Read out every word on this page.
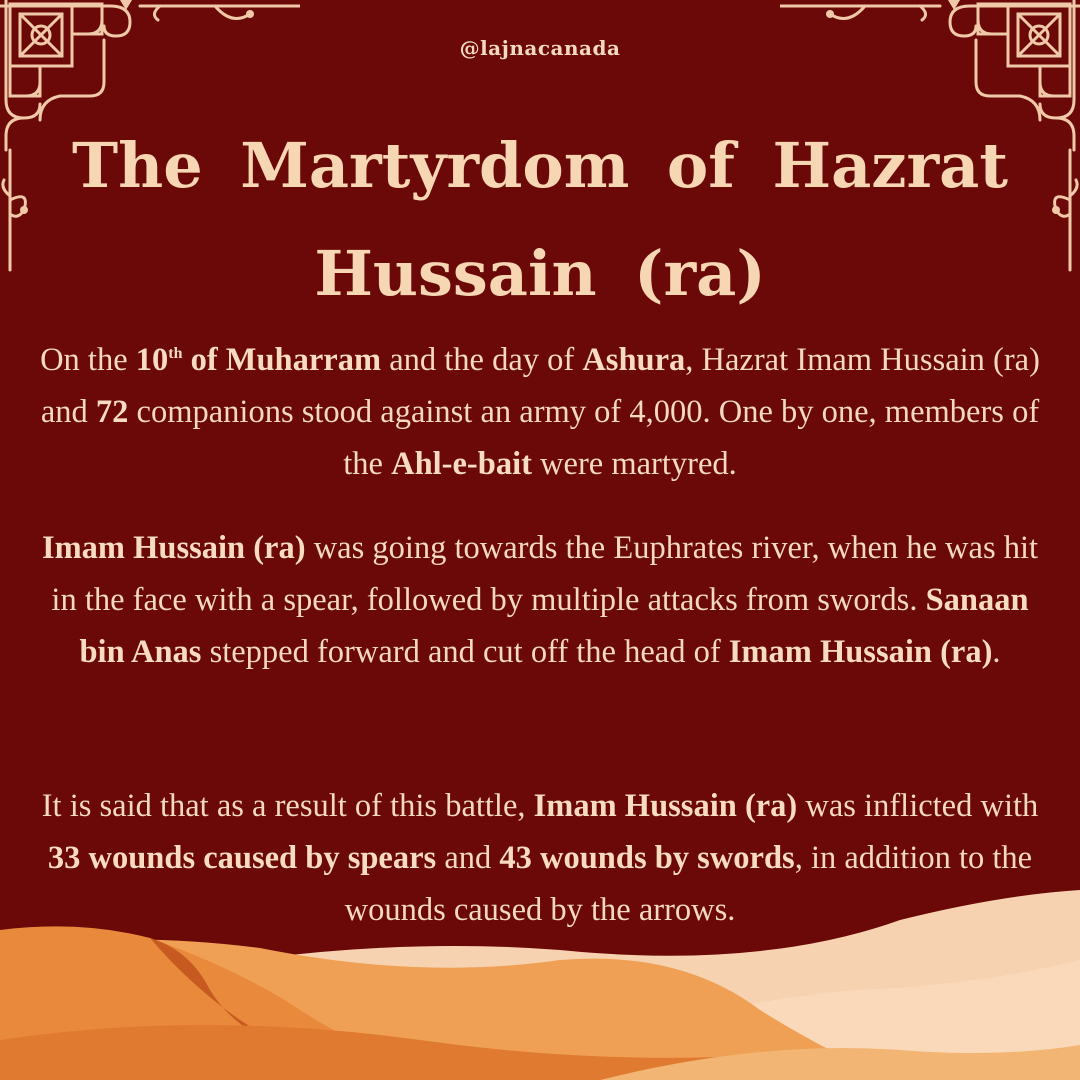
@lajnacanada
The Martyrdom of Hazrat Hussain (ra)

On the 10th of Muharram and the day of Ashura, Hazrat Imam Hussain (ra) and 72 companions stood against an army of 4,000. One by one, members of the Ahl-e-bait were martyred.

Imam Hussain (ra) was going towards the Euphrates river, when he was hit in the face with a spear, followed by multiple attacks from swords. Sanaan bin Anas stepped forward and cut off the head of Imam Hussain (ra).

It is said that as a result of this battle, Imam Hussain (ra) was inflicted with 33 wounds caused by spears and 43 wounds by swords, in addition to the wounds caused by the arrows.
